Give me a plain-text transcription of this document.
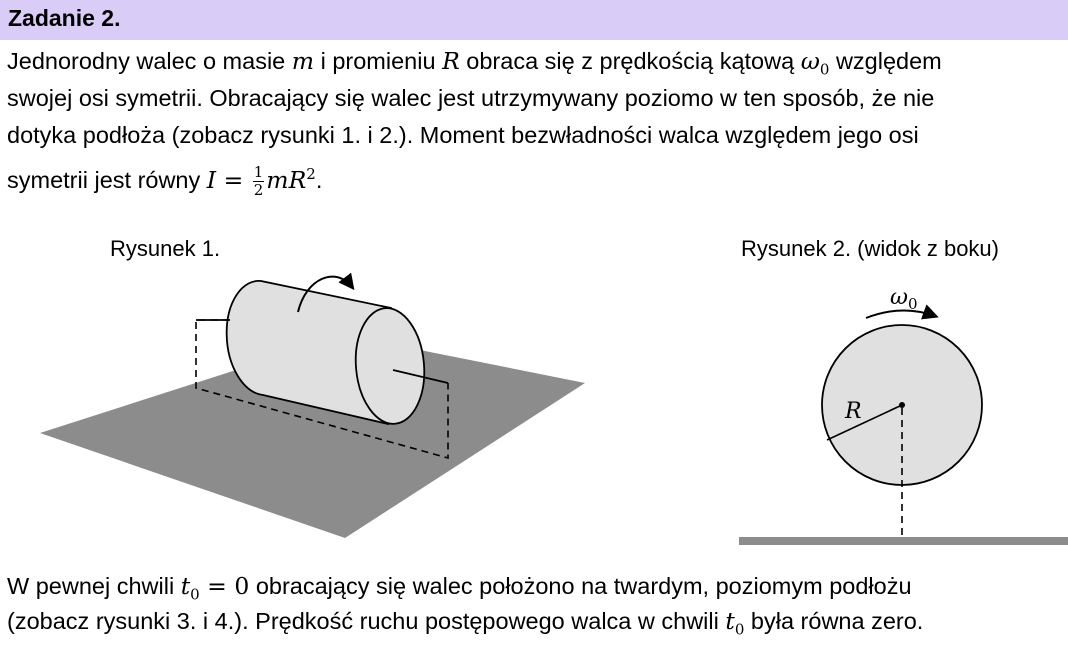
Zadanie 2.
Jednorodny walec o masie m i promieniu R obraca się z prędkością kątową $\omega_0$ względem
swojej osi symetrii. Obracający się walec jest utrzymywany poziomo w ten sposób, że nie
dotyka podłoża (zobacz rysunki 1. i 2.). Moment bezwładności walca względem jego osi
symetrii jest równy $I = \frac{1}{2} mR^2$.
Rysunek 1.	Rysunek 2. (widok z boku)
$\omega_0$
R
W pewnej chwili $t_0 = 0$ obracający się walec położono na twardym, poziomym podłożu
(zobacz rysunki 3. i 4.). Prędkość ruchu postępowego walca w chwili $t_0$ była równa zero.
